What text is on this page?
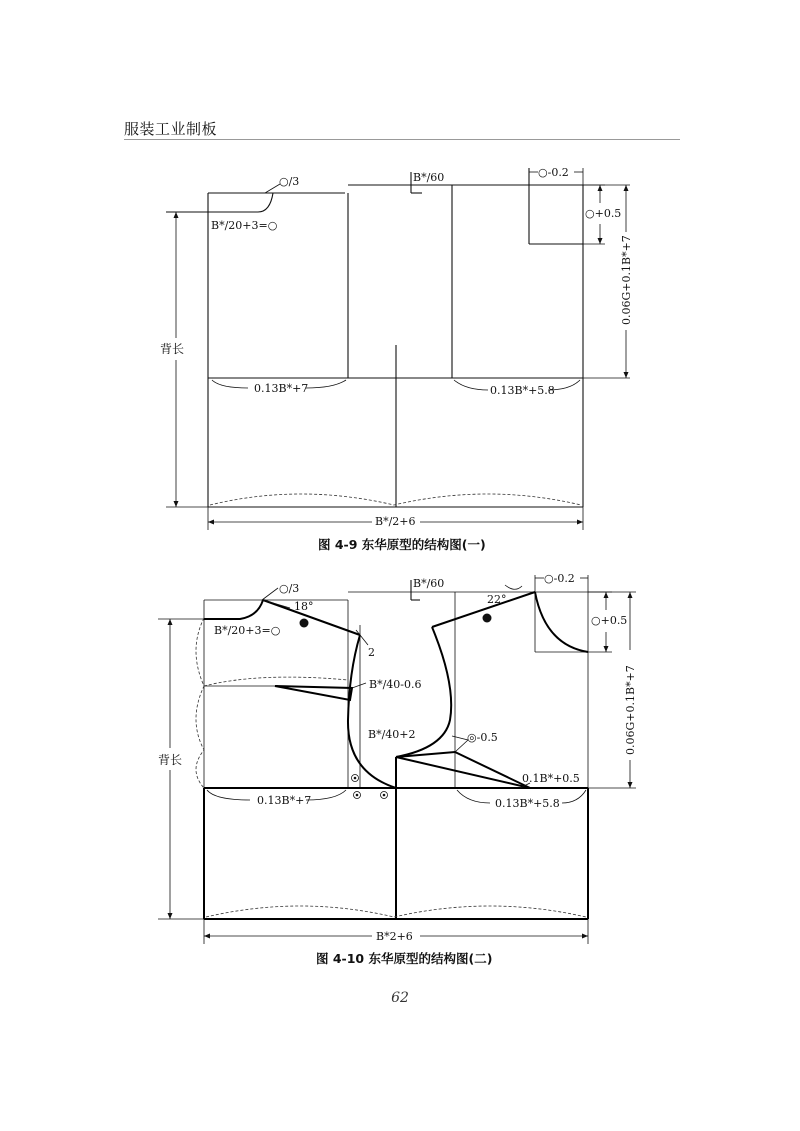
服装工业制板
○/3	B*/60	○-0.2
○+0.5
B*/20+3=○
背长
0.06G+0.1B*+7
0.13B*+7	0.13B*+5.8
B*/2+6
○/3
18°
B*/60
22°
○-0.2
○+0.5
B*/20+3=○
2
B*/40-0.6
背长
B*/40+2	◎-0.5	0.06G+0.1B*+7
0.1B*+0.5
0.13B*+7	0.13B*+5.8
B*2+6
图 4-9 东华原型的结构图(一)
图 4-10 东华原型的结构图(二)
62
